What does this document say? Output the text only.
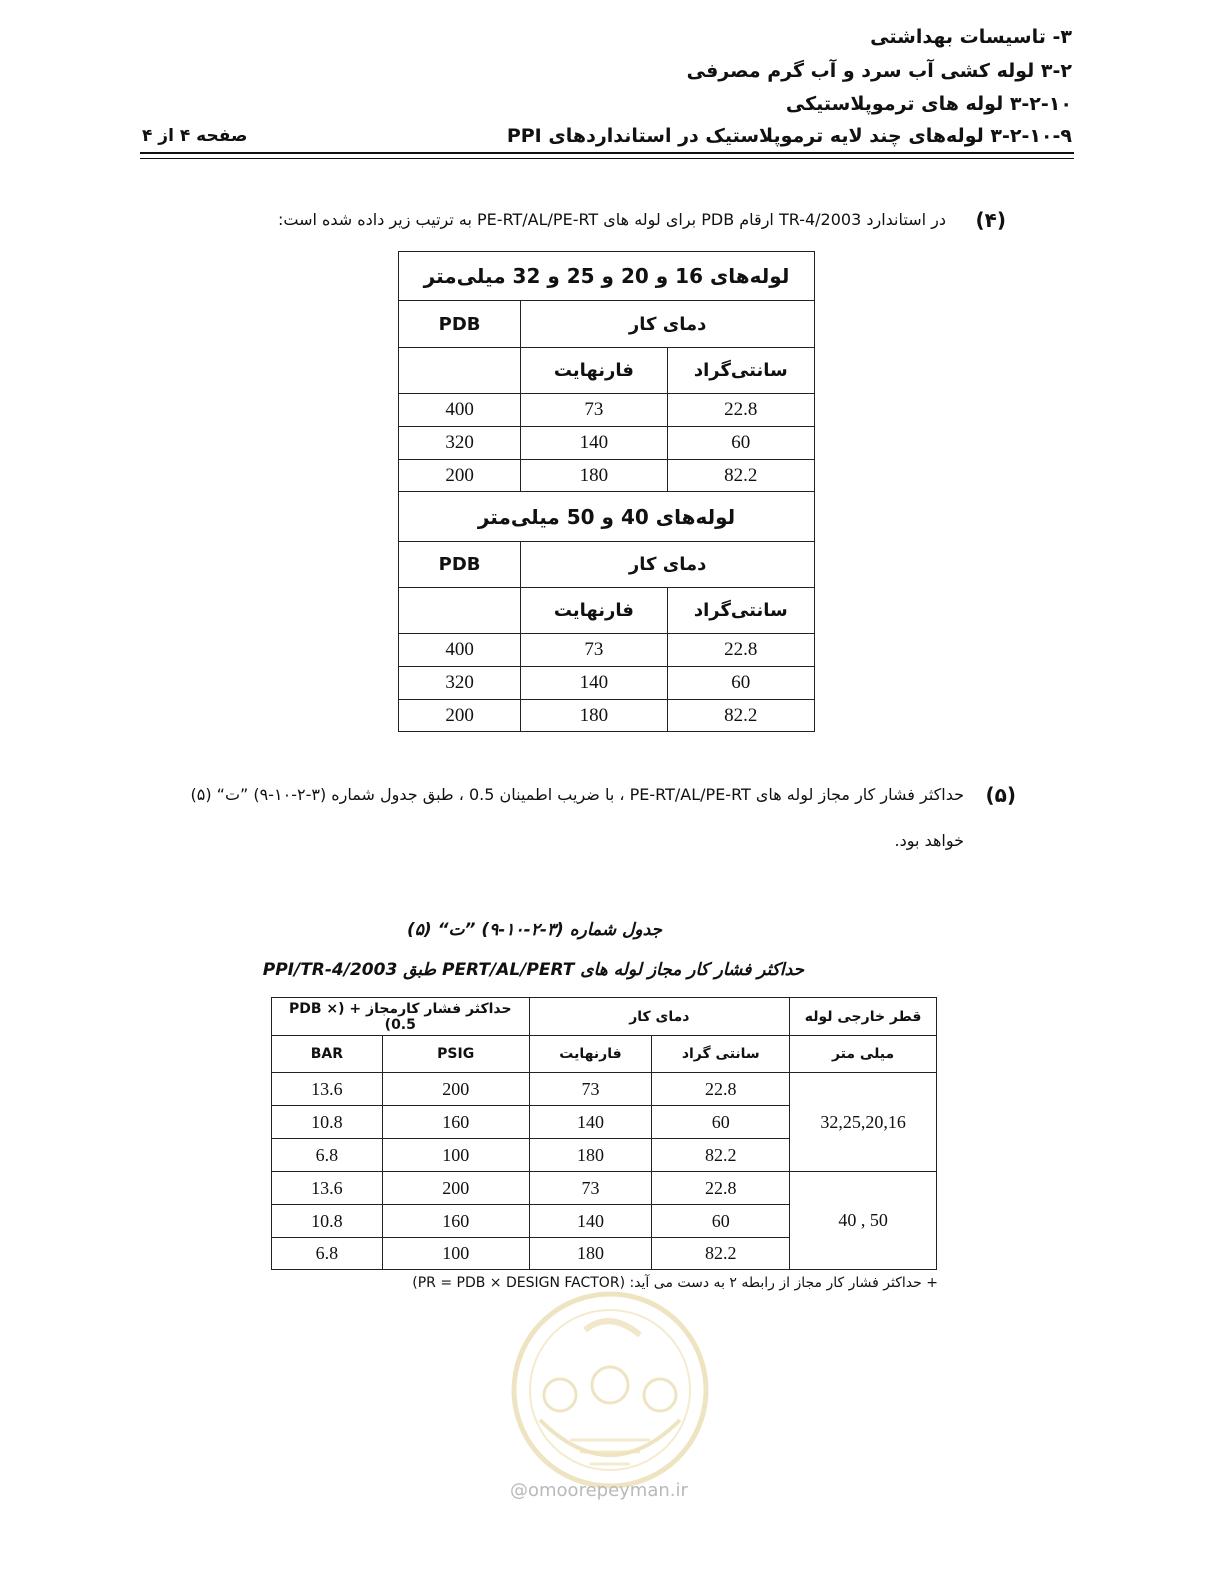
۳- تاسیسات بهداشتی
۳-۲ لوله کشی آب سرد و آب گرم مصرفی
۳-۲-۱۰ لوله های ترموپلاستیکی
۳-۲-۱۰-۹ لوله‌های چند لایه ترموپلاستیک در استانداردهای PPI
صفحه ۴ از ۴
(۴)
در استاندارد TR-4/2003 ارقام PDB برای لوله های PE-RT/AL/PE-RT به ترتیب زیر داده شده است:
لوله‌های 16 و 20 و 25 و 32 میلی‌متر		
دمای کار		PDB
سانتی‌گراد	فارنهایت	
22.8	73	400
60	140	320
82.2	180	200
لوله‌های 40 و 50 میلی‌متر		
دمای کار		PDB
سانتی‌گراد	فارنهایت	
22.8	73	400
60	140	320
82.2	180	200
(۵)
حداکثر فشار کار مجاز لوله های PE-RT/AL/PE-RT ، با ضریب اطمینان 0.5 ، طبق جدول شماره (۳-۲-۱۰-۹) ”ت“ (۵)
خواهد بود.
جدول شماره (۳-۲-۱۰-۹) ”ت“ (۵)
حداکثر فشار کار مجاز لوله های PERT/AL/PERT طبق PPI/TR-4/2003
قطر خارجی لوله	دمای کار		حداکثر فشار کارمجاز + (PDB × 0.5)	
میلی متر	سانتی گراد	فارنهایت	PSIG	BAR
32,25,20,16	22.8	73	200	13.6
	60	140	160	10.8
	82.2	180	100	6.8
50 , 40	22.8	73	200	13.6
	60	140	160	10.8
	82.2	180	100	6.8
+ حداکثر فشار کار مجاز از رابطه ۲ به دست می آید: (PR = PDB × DESIGN FACTOR)
@omoorepeyman.ir
